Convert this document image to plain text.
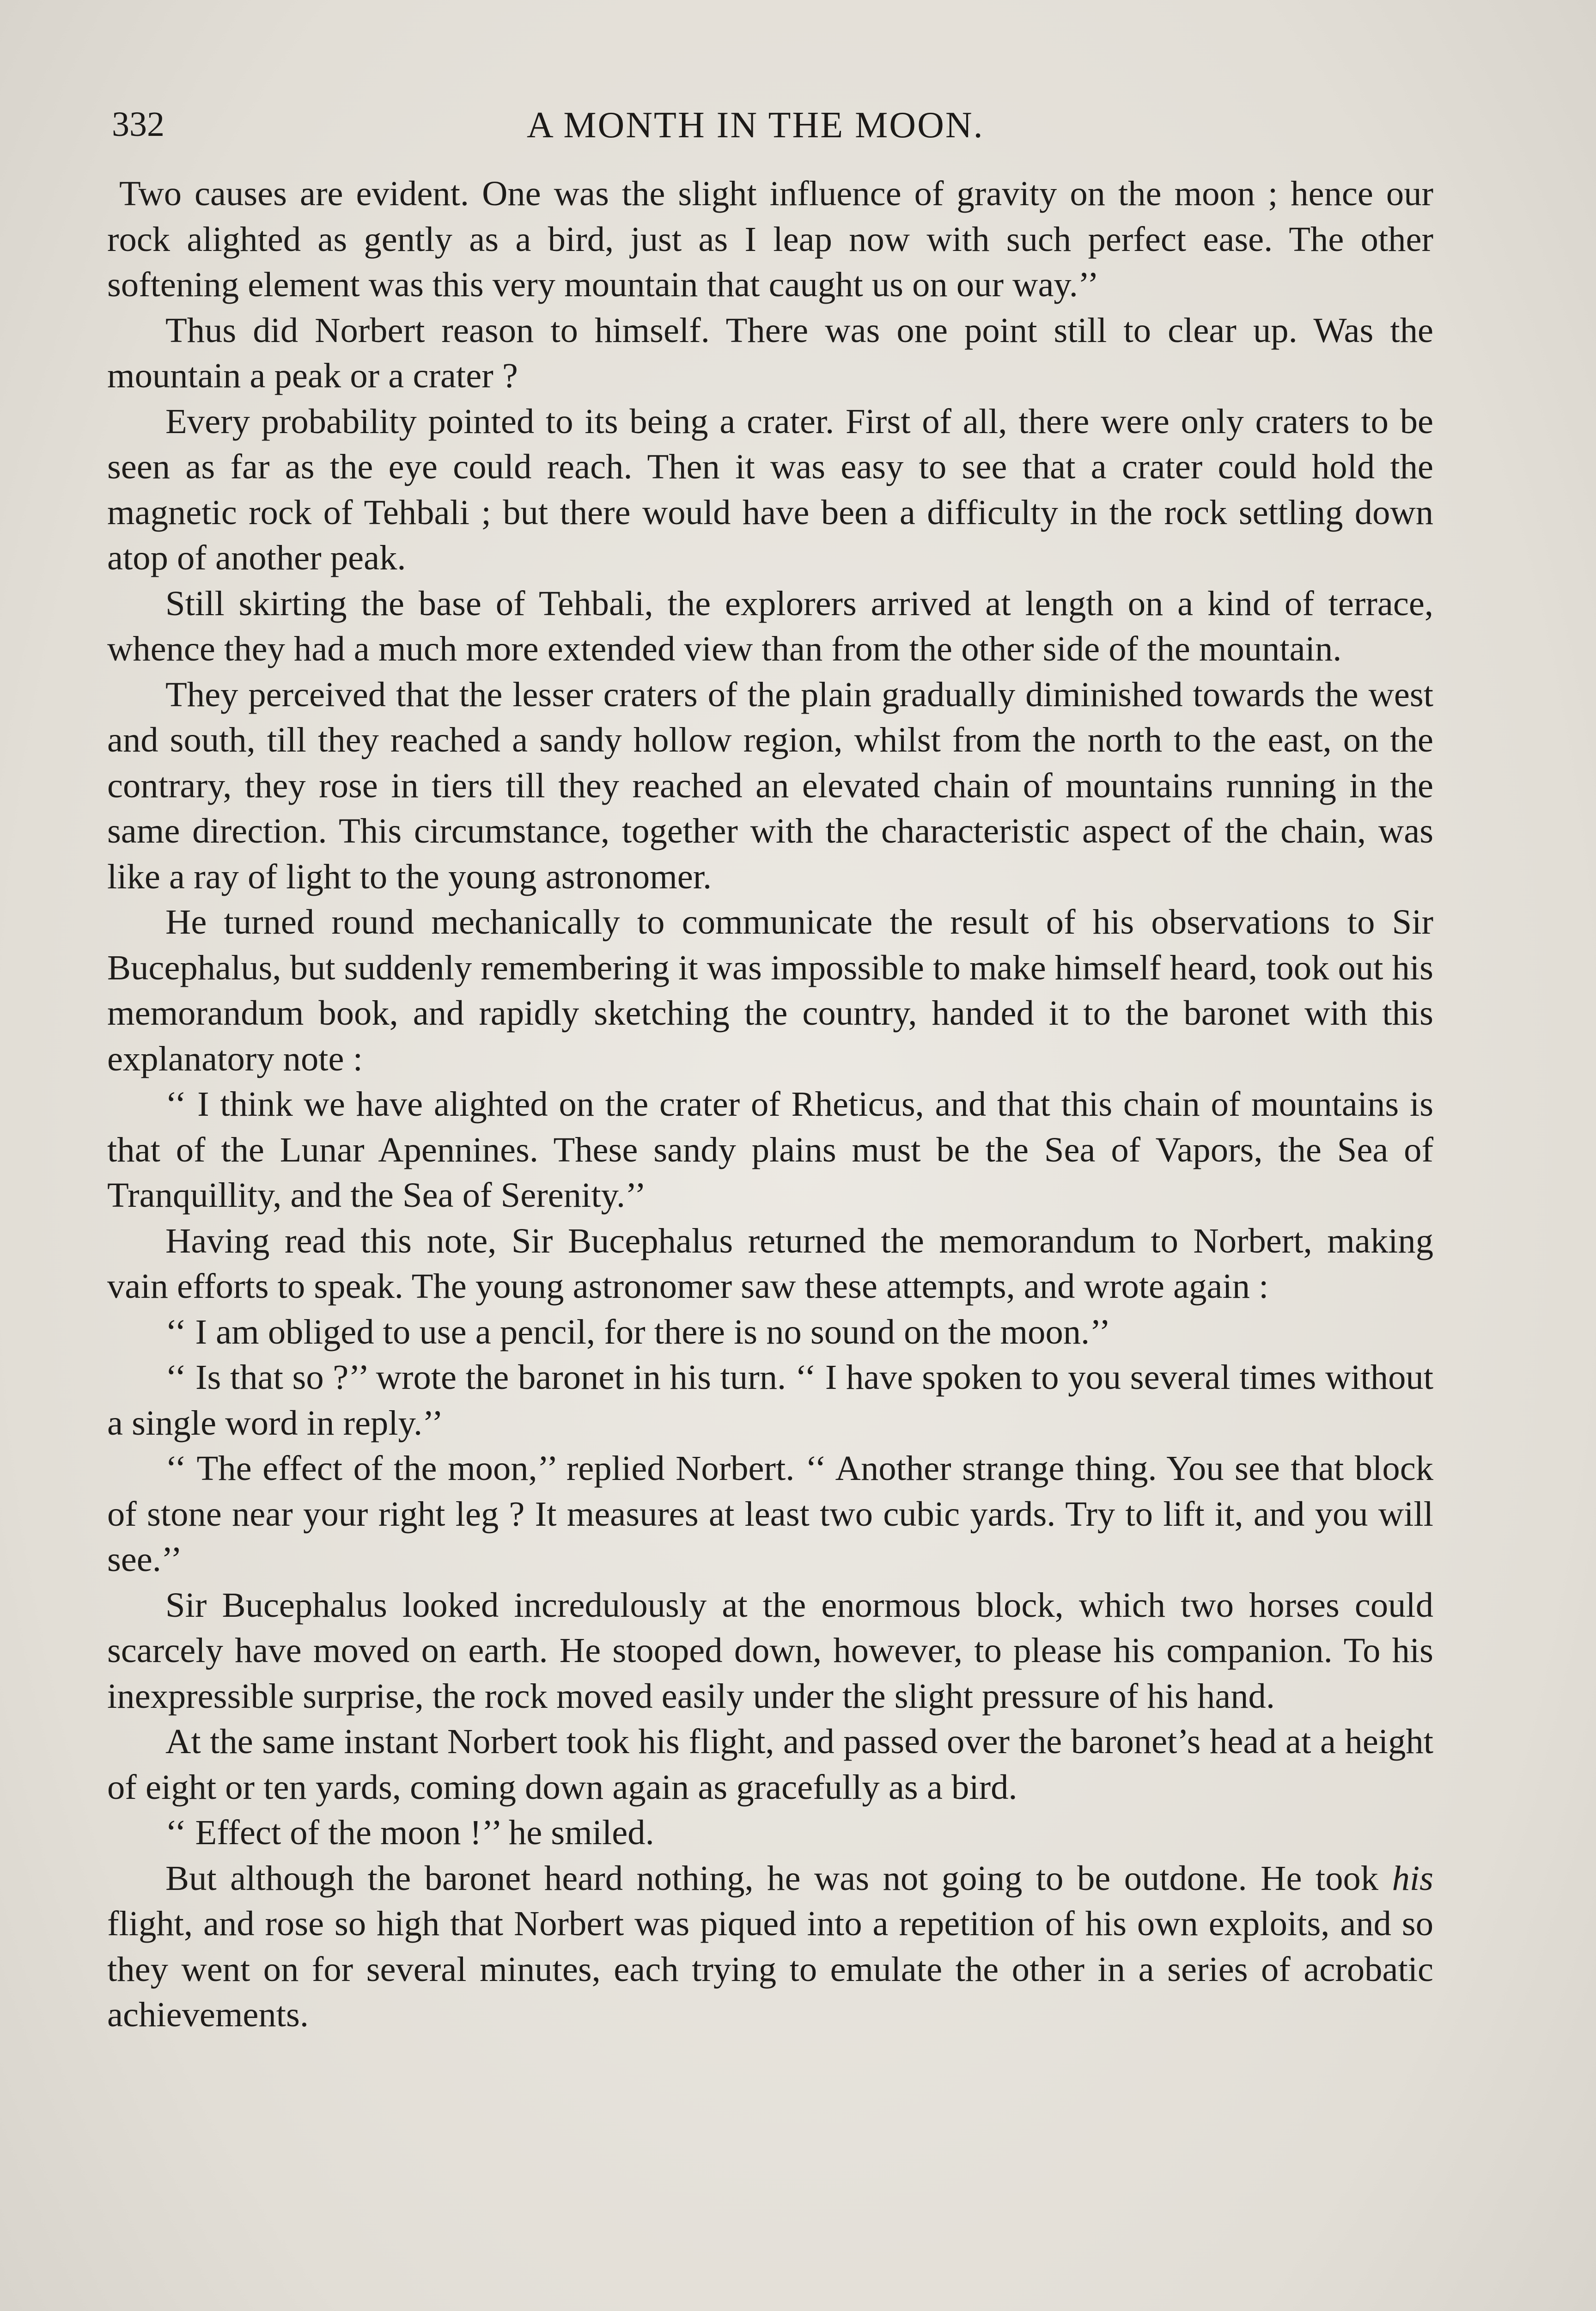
332	A MONTH IN THE MOON.

Two causes are evident. One was the slight influence of gravity on the moon ; hence our rock alighted as gently as a bird, just as I leap now with such perfect ease. The other softening element was this very mountain that caught us on our way.’’

Thus did Norbert reason to himself. There was one point still to clear up. Was the mountain a peak or a crater ?

Every probability pointed to its being a crater. First of all, there were only craters to be seen as far as the eye could reach. Then it was easy to see that a crater could hold the magnetic rock of Tehbali ; but there would have been a difficulty in the rock settling down atop of another peak.

Still skirting the base of Tehbali, the explorers arrived at length on a kind of terrace, whence they had a much more extended view than from the other side of the mountain.

They perceived that the lesser craters of the plain gradually diminished towards the west and south, till they reached a sandy hollow region, whilst from the north to the east, on the contrary, they rose in tiers till they reached an elevated chain of mountains running in the same direction. This circumstance, together with the characteristic aspect of the chain, was like a ray of light to the young astronomer.

He turned round mechanically to communicate the result of his observations to Sir Bucephalus, but suddenly remembering it was impossible to make himself heard, took out his memorandum book, and rapidly sketching the country, handed it to the baronet with this explanatory note :

‘‘ I think we have alighted on the crater of Rheticus, and that this chain of mountains is that of the Lunar Apennines. These sandy plains must be the Sea of Vapors, the Sea of Tranquillity, and the Sea of Serenity.’’

Having read this note, Sir Bucephalus returned the memorandum to Norbert, making vain efforts to speak. The young astronomer saw these attempts, and wrote again :

‘‘ I am obliged to use a pencil, for there is no sound on the moon.’’

‘‘ Is that so ?’’ wrote the baronet in his turn. ‘‘ I have spoken to you several times without a single word in reply.’’

‘‘ The effect of the moon,’’ replied Norbert. ‘‘ Another strange thing. You see that block of stone near your right leg ? It measures at least two cubic yards. Try to lift it, and you will see.’’

Sir Bucephalus looked incredulously at the enormous block, which two horses could scarcely have moved on earth. He stooped down, however, to please his companion. To his inexpressible surprise, the rock moved easily under the slight pressure of his hand.

At the same instant Norbert took his flight, and passed over the baronet’s head at a height of eight or ten yards, coming down again as gracefully as a bird.

‘‘ Effect of the moon !’’ he smiled.

But although the baronet heard nothing, he was not going to be outdone. He took his flight, and rose so high that Norbert was piqued into a repetition of his own exploits, and so they went on for several minutes, each trying to emulate the other in a series of acrobatic achievements.
